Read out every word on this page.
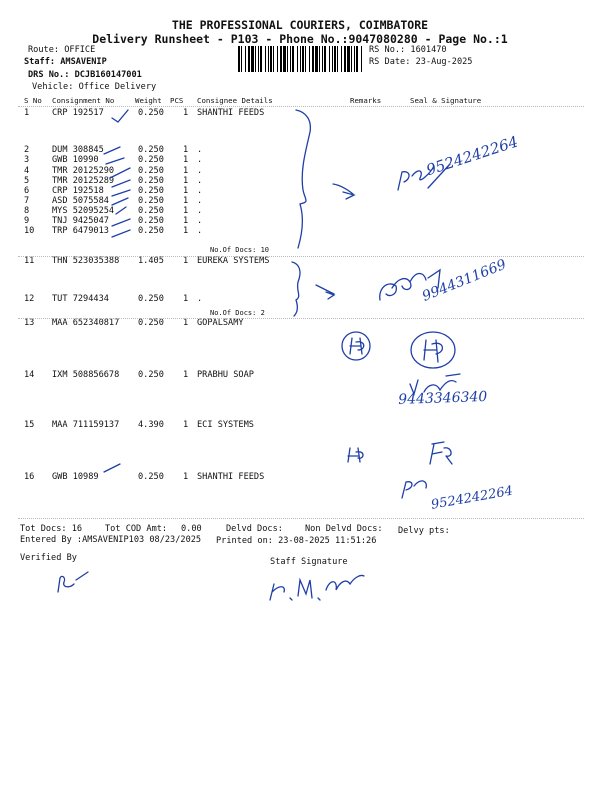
THE PROFESSIONAL COURIERS, COIMBATORE
Delivery Runsheet - P103 - Phone No.:9047080280 - Page No.:1
Route: OFFICE
Staff: AMSAVENIP
DRS No.: DCJB160147001
Vehicle: Office Delivery
RS No.: 1601470
RS Date: 23-Aug-2025
S No Consignment No	Weight PCS Consignee Details	Remarks	Seal & Signature
1	CRP 192517	0.250 1 SHANTHI FEEDS
2	DUM 308845	0.250 1 .
3	GWB 10990	0.250 1 .
4	TMR 20125290	0.250 1 .
5	TMR 20125289	0.250 1 .
6	CRP 192518	0.250 1 .
7	ASD 5075584	0.250 1 .
8	MYS 52095254	0.250 1 .
9	TNJ 9425047	0.250 1 .
10 TRP 6479013	0.250 1 .
11 THN 523035388 1.405 1 EUREKA SYSTEMS
12 TUT 7294434	0.250 1 .
13 MAA 652340817 0.250 1 GOPALSAMY
14 IXM 508856678 0.250 1 PRABHU SOAP
15 MAA 711159137 4.390 1 ECI SYSTEMS
16 GWB 10989	0.250 1 SHANTHI FEEDS
No.Of Docs: 10
No.Of Docs: 2
Tot Docs: 16	Tot COD Amt: 0.00	Delvd Docs:	Non Delvd Docs: Delvy pts:
Entered By :AMSAVENIP103 08/23/2025 Printed on: 23-08-2025 11:51:26
Verified By	Staff Signature
9524242264
9944311669
9443346340
9524242264
